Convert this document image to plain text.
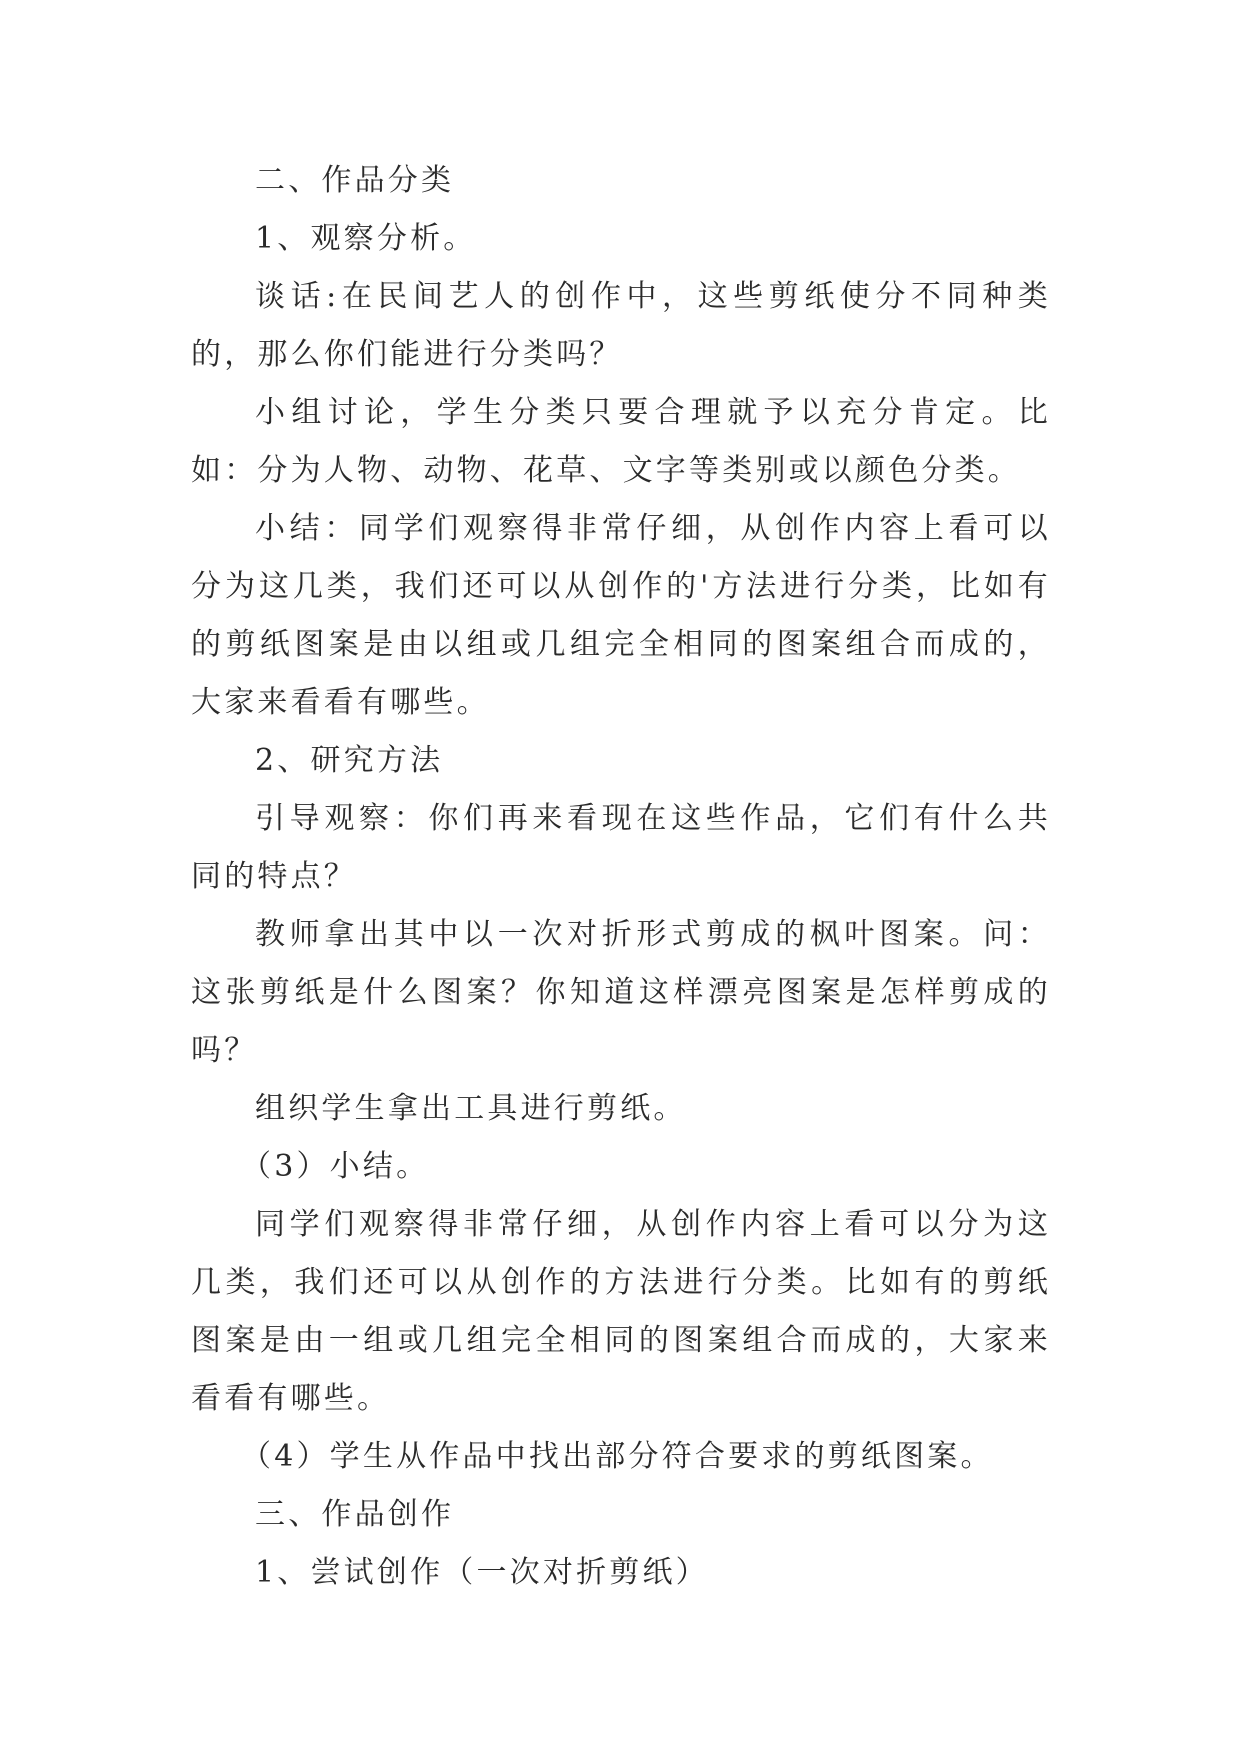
二、作品分类

1、观察分析。

谈话:在民间艺人的创作中，这些剪纸使分不同种类的，那么你们能进行分类吗？

小组讨论，学生分类只要合理就予以充分肯定。比如：分为人物、动物、花草、文字等类别或以颜色分类。

小结：同学们观察得非常仔细，从创作内容上看可以分为这几类，我们还可以从创作的'方法进行分类，比如有的剪纸图案是由以组或几组完全相同的图案组合而成的，大家来看看有哪些。

2、研究方法

引导观察：你们再来看现在这些作品，它们有什么共同的特点？

教师拿出其中以一次对折形式剪成的枫叶图案。问：这张剪纸是什么图案？你知道这样漂亮图案是怎样剪成的吗？

组织学生拿出工具进行剪纸。

（3）小结。

同学们观察得非常仔细，从创作内容上看可以分为这几类，我们还可以从创作的方法进行分类。比如有的剪纸图案是由一组或几组完全相同的图案组合而成的，大家来看看有哪些。

（4）学生从作品中找出部分符合要求的剪纸图案。

三、作品创作

1、尝试创作（一次对折剪纸）
